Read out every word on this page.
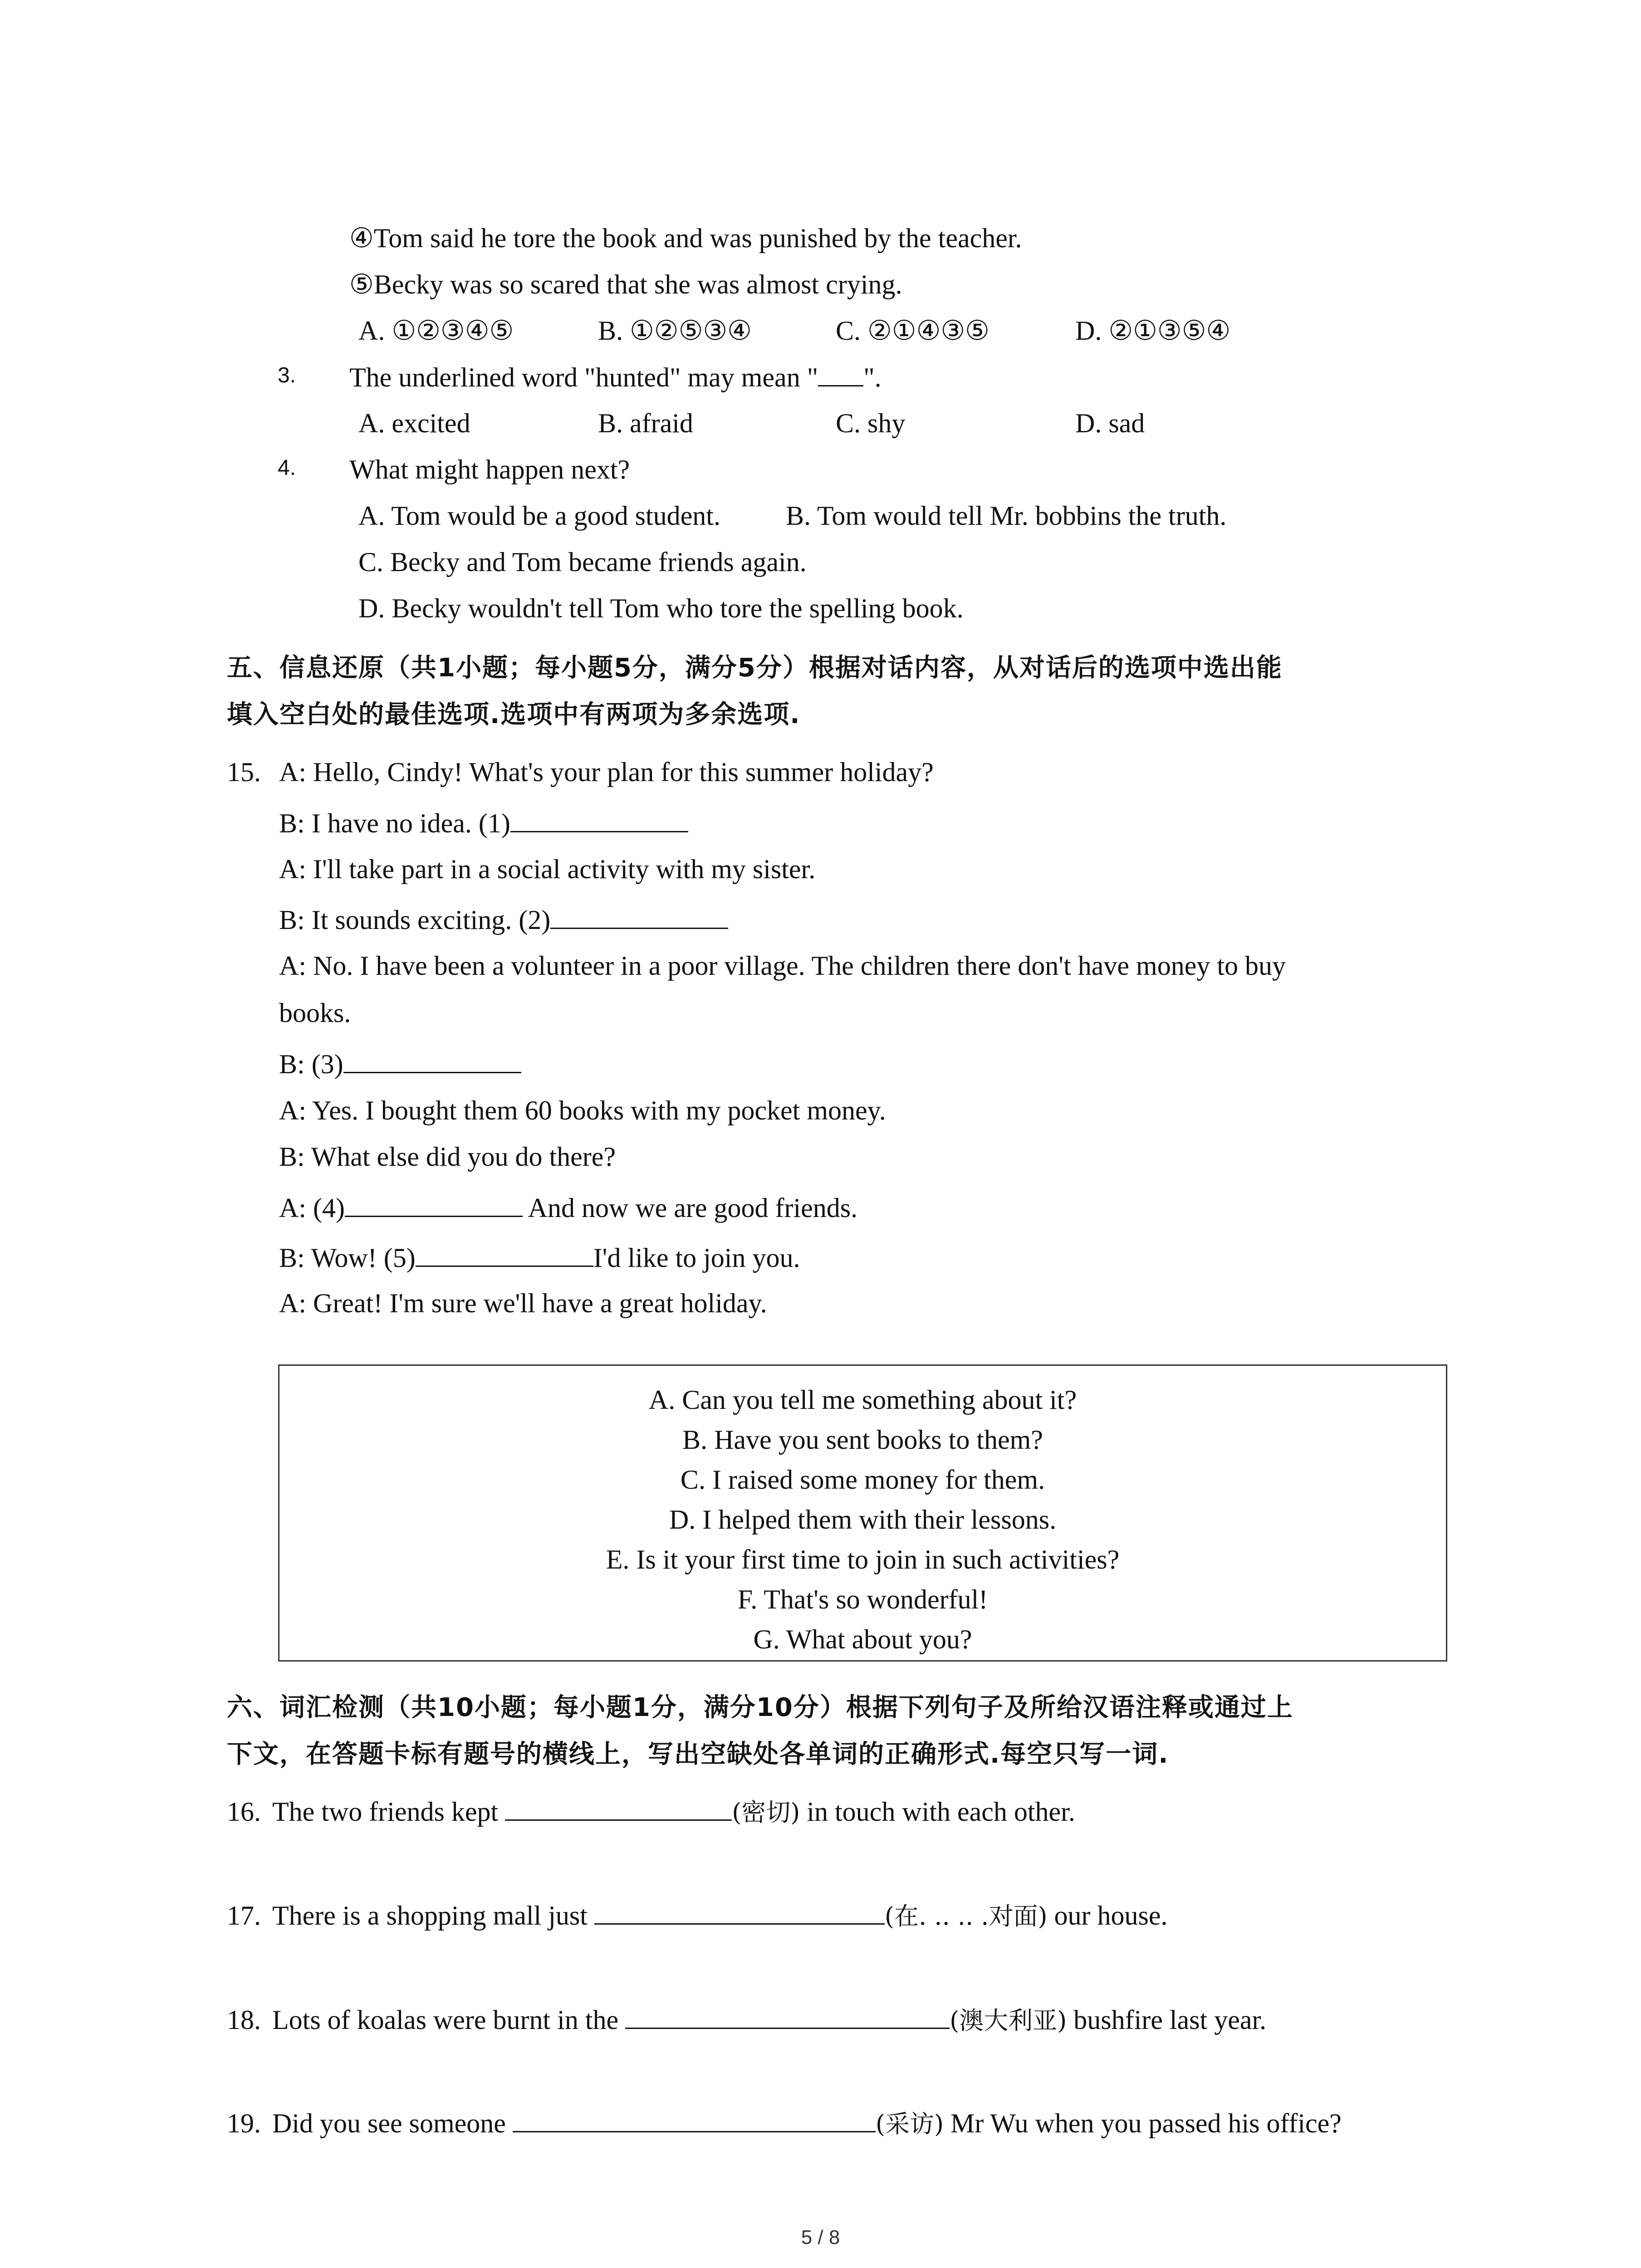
④Tom said he tore the book and was punished by the teacher.
⑤Becky was so scared that she was almost crying.
A. ①②③④⑤	B. ①②⑤③④	C. ②①④③⑤	D. ②①③⑤④
3. The underlined word "hunted" may mean " ".
A. excited	B. afraid	C. shy	D. sad
4. What might happen next?
A. Tom would be a good student. B. Tom would tell Mr. bobbins the truth.
C. Becky and Tom became friends again.
D. Becky wouldn't tell Tom who tore the spelling book.
五、信息还原（共1小题；每小题5分，满分5分）根据对话内容，从对话后的选项中选出能
填入空白处的最佳选项.选项中有两项为多余选项.
15. A: Hello, Cindy! What's your plan for this summer holiday?
B: I have no idea. (1)
A: I'll take part in a social activity with my sister.
B: It sounds exciting. (2)
A: No. I have been a volunteer in a poor village. The children there don't have money to buy
books.
B: (3)
A: Yes. I bought them 60 books with my pocket money.
B: What else did you do there?
A: (4)	And now we are good friends.
B: Wow! (5)	I'd like to join you.
A: Great! I'm sure we'll have a great holiday.
A. Can you tell me something about it?
B. Have you sent books to them?
C. I raised some money for them.
D. I helped them with their lessons.
E. Is it your first time to join in such activities?
F. That's so wonderful!
G. What about you?
六、词汇检测（共10小题；每小题1分，满分10分）根据下列句子及所给汉语注释或通过上
下文，在答题卡标有题号的横线上，写出空缺处各单词的正确形式.每空只写一词.
16. The two friends kept	(密切) in touch with each other.
17. There is a shopping mall just	(在. .. .. .对面) our house.
18. Lots of koalas were burnt in the	(澳大利亚) bushfire last year.
19. Did you see someone	(采访) Mr Wu when you passed his office?
5 / 8
